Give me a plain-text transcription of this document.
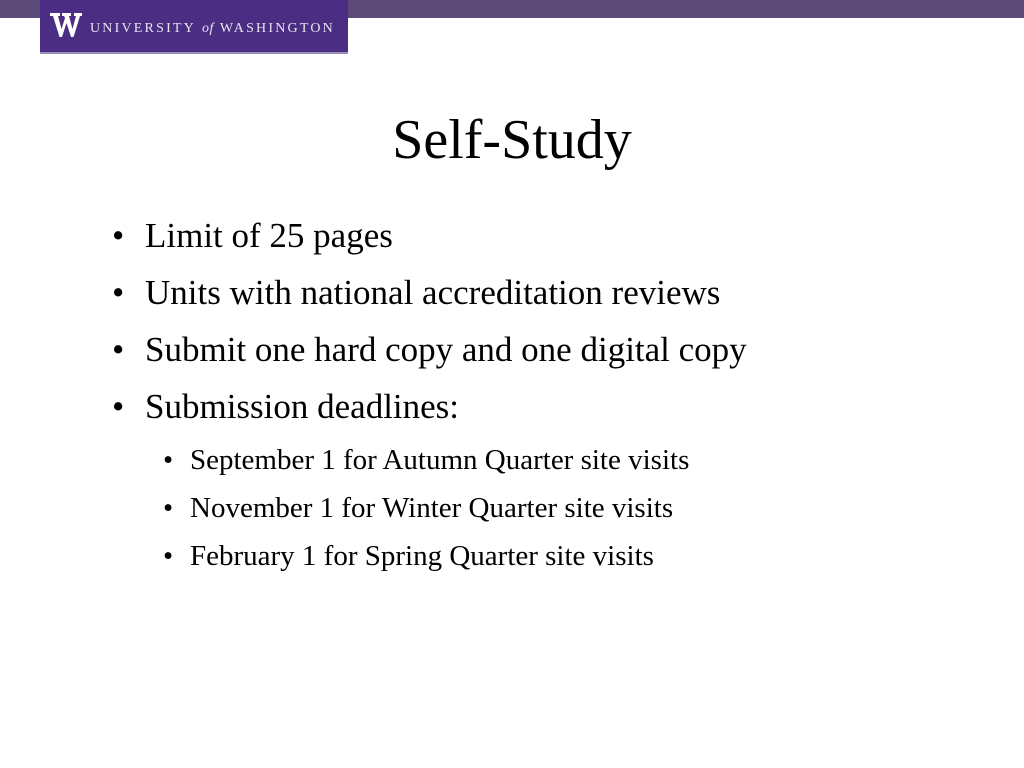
UNIVERSITY of WASHINGTON
Self-Study
• Limit of 25 pages
• Units with national accreditation reviews
• Submit one hard copy and one digital copy
• Submission deadlines:
• September 1 for Autumn Quarter site visits
• November 1 for Winter Quarter site visits
• February 1 for Spring Quarter site visits
